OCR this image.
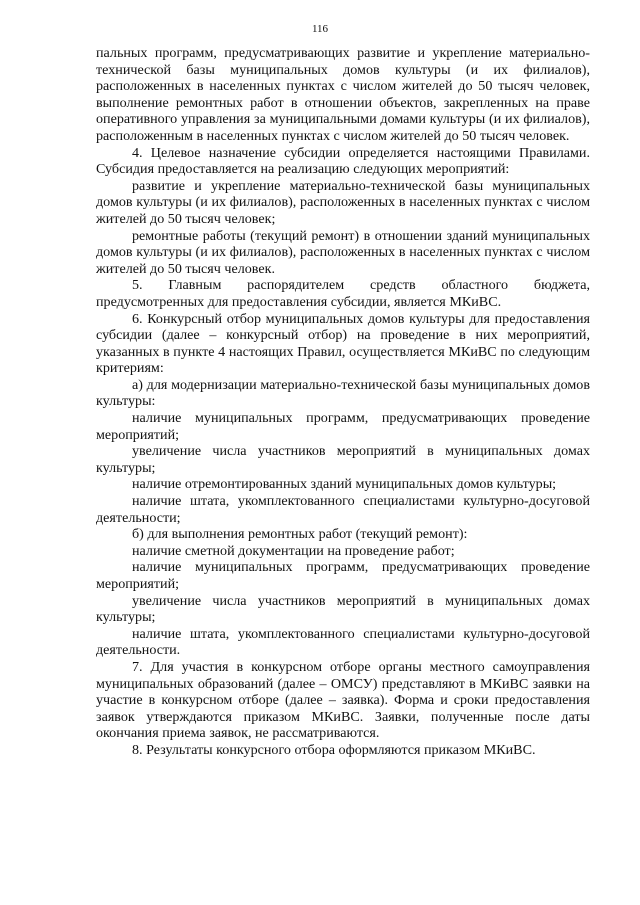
116

пальных программ, предусматривающих развитие и укрепление материально-технической базы муниципальных домов культуры (и их филиалов), расположенных в населенных пунктах с числом жителей до 50 тысяч человек, выполнение ремонтных работ в отношении объектов, закрепленных на праве оперативного управления за муниципальными домами культуры (и их филиалов), расположенным в населенных пунктах с числом жителей до 50 тысяч человек.

4. Целевое назначение субсидии определяется настоящими Правилами. Субсидия предоставляется на реализацию следующих мероприятий:

развитие и укрепление материально-технической базы муниципальных домов культуры (и их филиалов), расположенных в населенных пунктах с числом жителей до 50 тысяч человек;

ремонтные работы (текущий ремонт) в отношении зданий муниципальных домов культуры (и их филиалов), расположенных в населенных пунктах с числом жителей до 50 тысяч человек.

5. Главным распорядителем средств областного бюджета, предусмотренных для предоставления субсидии, является МКиВС.

6. Конкурсный отбор муниципальных домов культуры для предоставления субсидии (далее – конкурсный отбор) на проведение в них мероприятий, указанных в пункте 4 настоящих Правил, осуществляется МКиВС по следующим критериям:

а) для модернизации материально-технической базы муниципальных домов культуры:

наличие муниципальных программ, предусматривающих проведение мероприятий;

увеличение числа участников мероприятий в муниципальных домах культуры;

наличие отремонтированных зданий муниципальных домов культуры;

наличие штата, укомплектованного специалистами культурно-досуговой деятельности;

б) для выполнения ремонтных работ (текущий ремонт):

наличие сметной документации на проведение работ;

наличие муниципальных программ, предусматривающих проведение мероприятий;

увеличение числа участников мероприятий в муниципальных домах культуры;

наличие штата, укомплектованного специалистами культурно-досуговой деятельности.

7. Для участия в конкурсном отборе органы местного самоуправления муниципальных образований (далее – ОМСУ) представляют в МКиВС заявки на участие в конкурсном отборе (далее – заявка). Форма и сроки предоставления заявок утверждаются приказом МКиВС. Заявки, полученные после даты окончания приема заявок, не рассматриваются.

8. Результаты конкурсного отбора оформляются приказом МКиВС.
